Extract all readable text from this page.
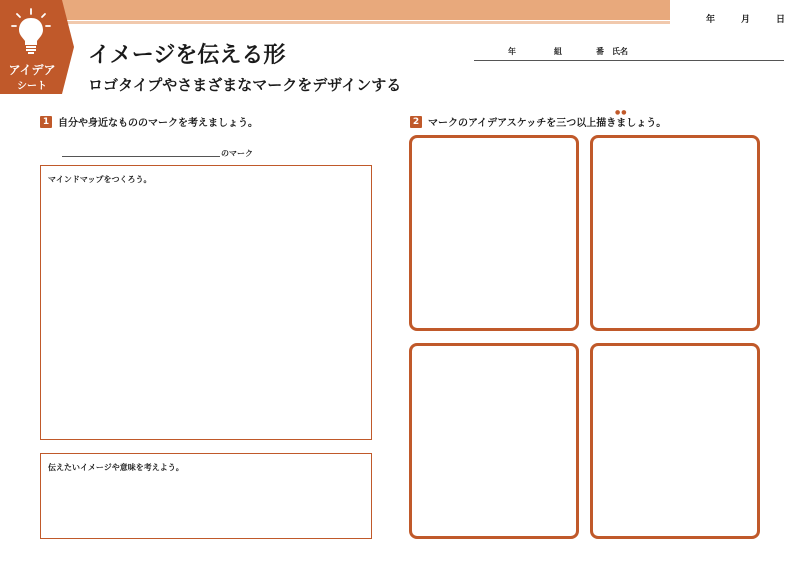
年	月	日
アイデア
シート
イメージを伝える形
ロゴタイプやさまざまなマークをデザインする
年	組	番 氏名
1 自分や身近なもののマークを考えましょう。
のマーク
マインドマップをつくろう。
伝えたいイメージや意味を考えよう。
2 マークのアイデアスケッチを三つ以上描きましょう。
●●
